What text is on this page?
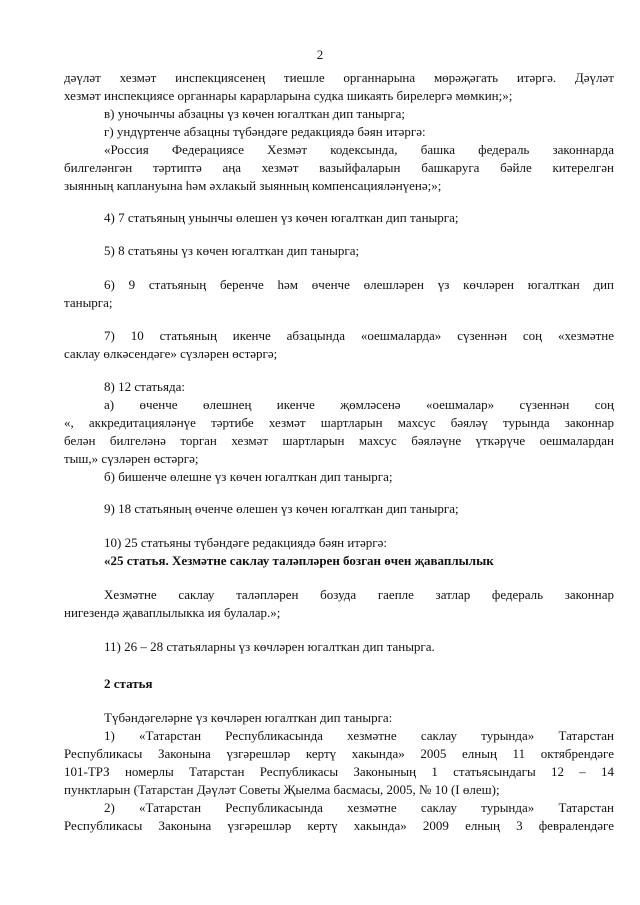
2
дәүләт хезмәт инспекциясенең тиешле органнарына мөрәҗәгать итәргә. Дәүләт
хезмәт инспекциясе органнары карарларына судка шикаять бирелергә мөмкин;»;
в) уночынчы абзацны үз көчен югалткан дип танырга;
г) ундүртенче абзацны түбәндәге редакциядә бәян итәргә:
«Россия Федерациясе Хезмәт кодексында, башка федераль законнарда
билгеләнгән тәртиптә аңа хезмәт вазыйфаларын башкаруга бәйле китерелгән
зыянның каплануына һәм әхлакый зыянның компенсацияләнүенә;»;
4) 7 статьяның унынчы өлешен үз көчен югалткан дип танырга;
5) 8 статьяны үз көчен югалткан дип танырга;
6) 9 статьяның беренче һәм өченче өлешләрен үз көчләрен югалткан дип
танырга;
7) 10 статьяның икенче абзацында «оешмаларда» сүзеннән соң «хезмәтне
саклау өлкәсендәге» сүзләрен өстәргә;
8) 12 статьяда:
а) өченче өлешнең икенче җөмләсенә «оешмалар» сүзеннән соң
«, аккредитацияләнүе тәртибе хезмәт шартларын махсус бәяләү турында законнар
белән билгеләнә торган хезмәт шартларын махсус бәяләүне үткәрүче оешмалардан
тыш,» сүзләрен өстәргә;
б) бишенче өлешне үз көчен югалткан дип танырга;
9) 18 статьяның өченче өлешен үз көчен югалткан дип танырга;
10) 25 статьяны түбәндәге редакциядә бәян итәргә:
«25 статья. Хезмәтне саклау таләпләрен бозган өчен җаваплылык
Хезмәтне саклау таләпләрен бозуда гаепле затлар федераль законнар
нигезендә җаваплылыкка ия булалар.»;
11) 26 – 28 статьяларны үз көчләрен югалткан дип танырга.
2 статья
Түбәндәгеләрне үз көчләрен югалткан дип танырга:
1) «Татарстан Республикасында хезмәтне саклау турында» Татарстан
Республикасы Законына үзгәрешләр кертү хакында» 2005 елның 11 октябрендәге
101-ТРЗ номерлы Татарстан Республикасы Законының 1 статьясындагы 12 – 14
пунктларын (Татарстан Дәүләт Советы Җыелма басмасы, 2005, № 10 (I өлеш);
2) «Татарстан Республикасында хезмәтне саклау турында» Татарстан
Республикасы Законына үзгәрешләр кертү хакында» 2009 елның 3 февралендәге
